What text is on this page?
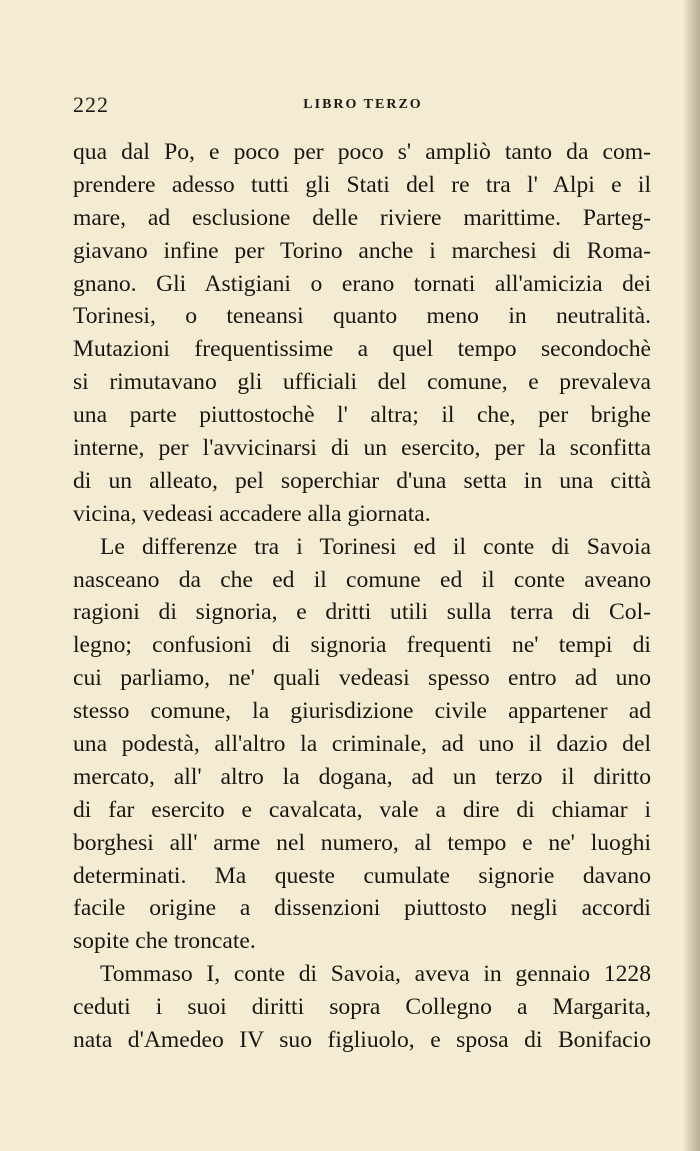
222	LIBRO TERZO
qua dal Po, e poco per poco s' ampliò tanto da com-
prendere adesso tutti gli Stati del re tra l' Alpi e il
mare, ad esclusione delle riviere marittime. Parteg-
giavano infine per Torino anche i marchesi di Roma-
gnano. Gli Astigiani o erano tornati all'amicizia dei
Torinesi, o teneansi quanto meno in neutralità.
Mutazioni frequentissime a quel tempo secondochè
si rimutavano gli ufficiali del comune, e prevaleva
una parte piuttostochè l' altra; il che, per brighe
interne, per l'avvicinarsi di un esercito, per la sconfitta
di un alleato, pel soperchiar d'una setta in una città
vicina, vedeasi accadere alla giornata.
Le differenze tra i Torinesi ed il conte di Savoia
nasceano da che ed il comune ed il conte aveano
ragioni di signoria, e dritti utili sulla terra di Col-
legno; confusioni di signoria frequenti ne' tempi di
cui parliamo, ne' quali vedeasi spesso entro ad uno
stesso comune, la giurisdizione civile appartener ad
una podestà, all'altro la criminale, ad uno il dazio del
mercato, all' altro la dogana, ad un terzo il diritto
di far esercito e cavalcata, vale a dire di chiamar i
borghesi all' arme nel numero, al tempo e ne' luoghi
determinati. Ma queste cumulate signorie davano
facile origine a dissenzioni piuttosto negli accordi
sopite che troncate.
Tommaso I, conte di Savoia, aveva in gennaio 1228
ceduti i suoi diritti sopra Collegno a Margarita,
nata d'Amedeo IV suo figliuolo, e sposa di Bonifacio
